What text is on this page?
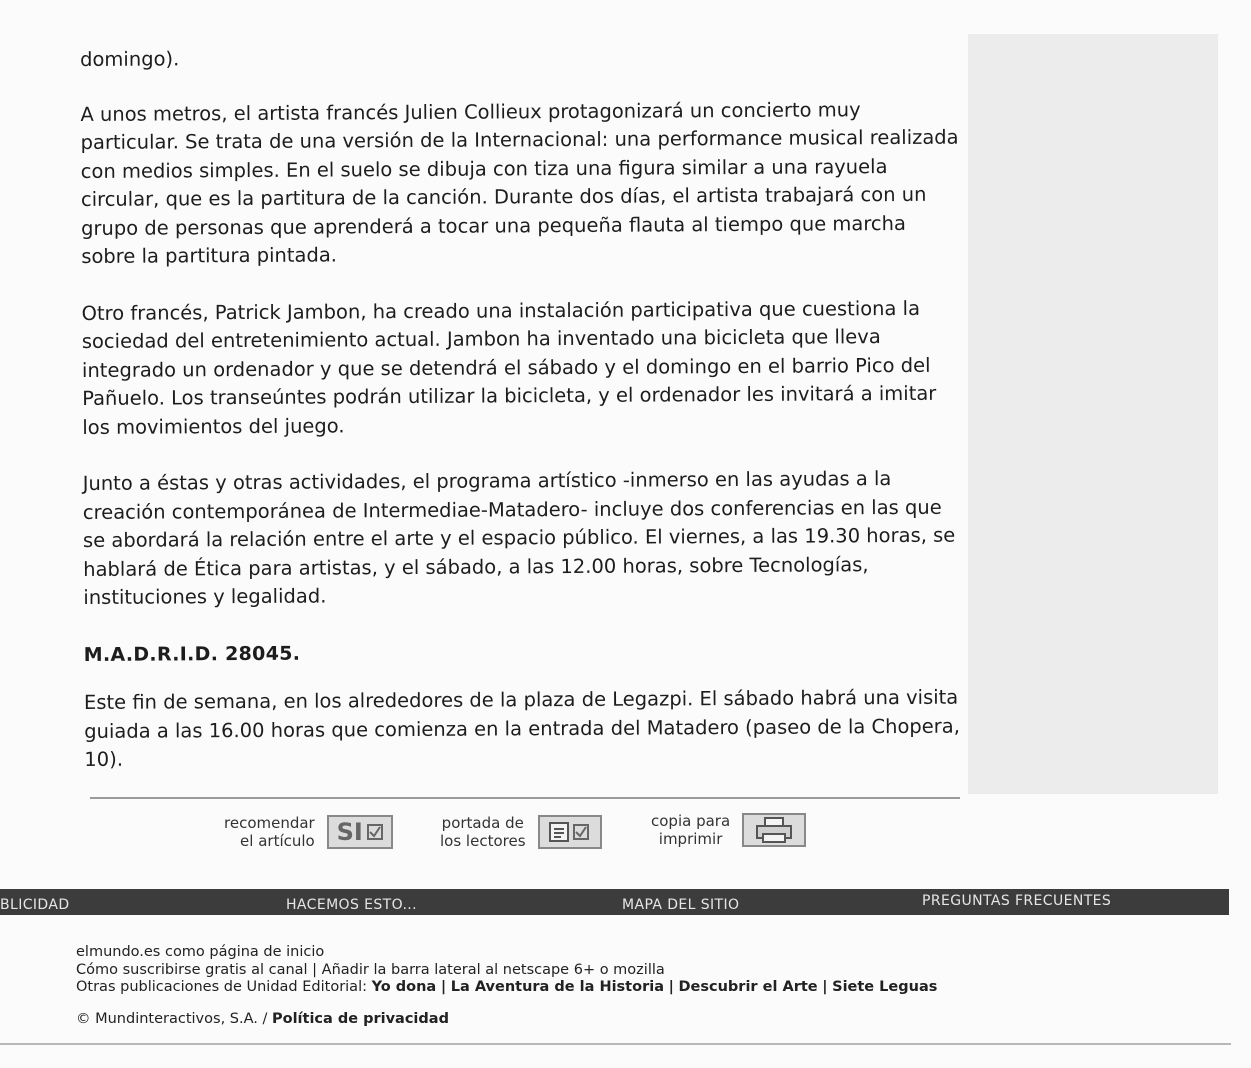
domingo).

A unos metros, el artista francés Julien Collieux protagonizará un concierto muy particular. Se trata de una versión de la Internacional: una performance musical realizada con medios simples. En el suelo se dibuja con tiza una figura similar a una rayuela circular, que es la partitura de la canción. Durante dos días, el artista trabajará con un grupo de personas que aprenderá a tocar una pequeña flauta al tiempo que marcha sobre la partitura pintada.

Otro francés, Patrick Jambon, ha creado una instalación participativa que cuestiona la sociedad del entretenimiento actual. Jambon ha inventado una bicicleta que lleva integrado un ordenador y que se detendrá el sábado y el domingo en el barrio Pico del Pañuelo. Los transeúntes podrán utilizar la bicicleta, y el ordenador les invitará a imitar los movimientos del juego.

Junto a éstas y otras actividades, el programa artístico -inmerso en las ayudas a la creación contemporánea de Intermediae-Matadero- incluye dos conferencias en las que se abordará la relación entre el arte y el espacio público. El viernes, a las 19.30 horas, se hablará de Ética para artistas, y el sábado, a las 12.00 horas, sobre Tecnologías, instituciones y legalidad.

M.A.D.R.I.D. 28045.

Este fin de semana, en los alrededores de la plaza de Legazpi. El sábado habrá una visita guiada a las 16.00 horas que comienza en la entrada del Matadero (paseo de la Chopera, 10).

recomendar
el artículo SI	portada de
los lectores
copia para
imprimir
BLICIDAD	HACEMOS ESTO...	MAPA DEL SITIO	PREGUNTAS FRECUENTES
elmundo.es como página de inicio
Cómo suscribirse gratis al canal | Añadir la barra lateral al netscape 6+ o mozilla
Otras publicaciones de Unidad Editorial: Yo dona | La Aventura de la Historia | Descubrir el Arte | Siete Leguas
© Mundinteractivos, S.A. / Política de privacidad
